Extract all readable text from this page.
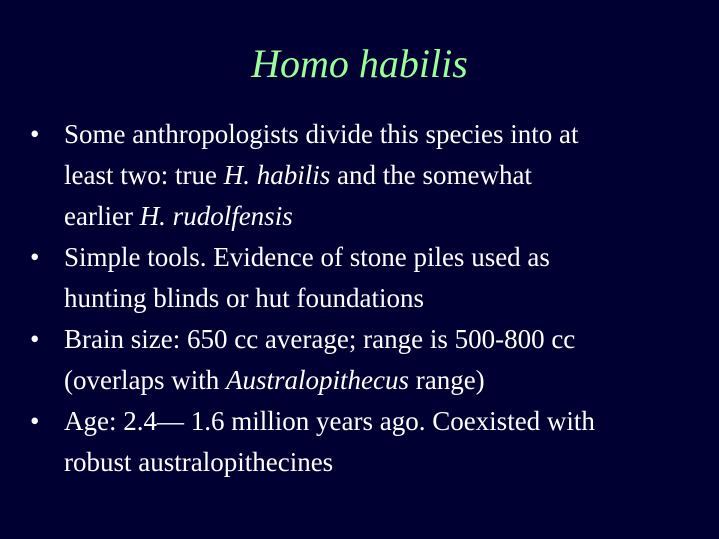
Homo habilis
• Some anthropologists divide this species into at
least two: true H. habilis and the somewhat
earlier H. rudolfensis
• Simple tools. Evidence of stone piles used as
hunting blinds or hut foundations
• Brain size: 650 cc average; range is 500-800 cc
(overlaps with Australopithecus range)
• Age: 2.4— 1.6 million years ago. Coexisted with
robust australopithecines
